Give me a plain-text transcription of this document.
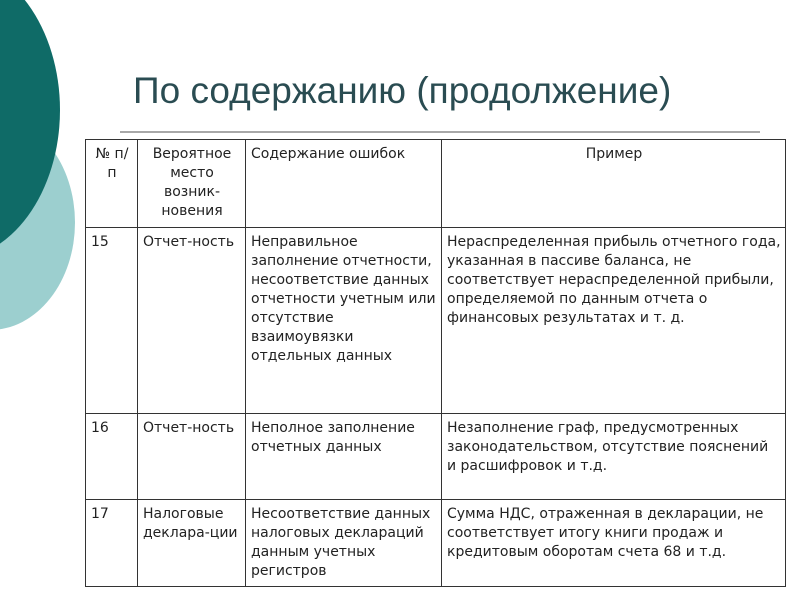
По содержанию (продолжение)
№ п/п	Вероятное место возник-новения	Содержание ошибок	Пример
15	Отчет-ность	Неправильное заполнение отчетности, несоответствие данных отчетности учетным или отсутствие взаимоувязки отдельных данных	Нераспределенная прибыль отчетного года, указанная в пассиве баланса, не соответствует нераспределенной прибыли, определяемой по данным отчета о финансовых результатах и т. д.
16	Отчет-ность	Неполное заполнение отчетных данных	Незаполнение граф, предусмотренных законодательством, отсутствие пояснений и расшифровок и т.д.
17	Налоговые деклара-ции	Несоответствие данных налоговых деклараций данным учетных регистров	Сумма НДС, отраженная в декларации, не соответствует итогу книги продаж и кредитовым оборотам счета 68 и т.д.
